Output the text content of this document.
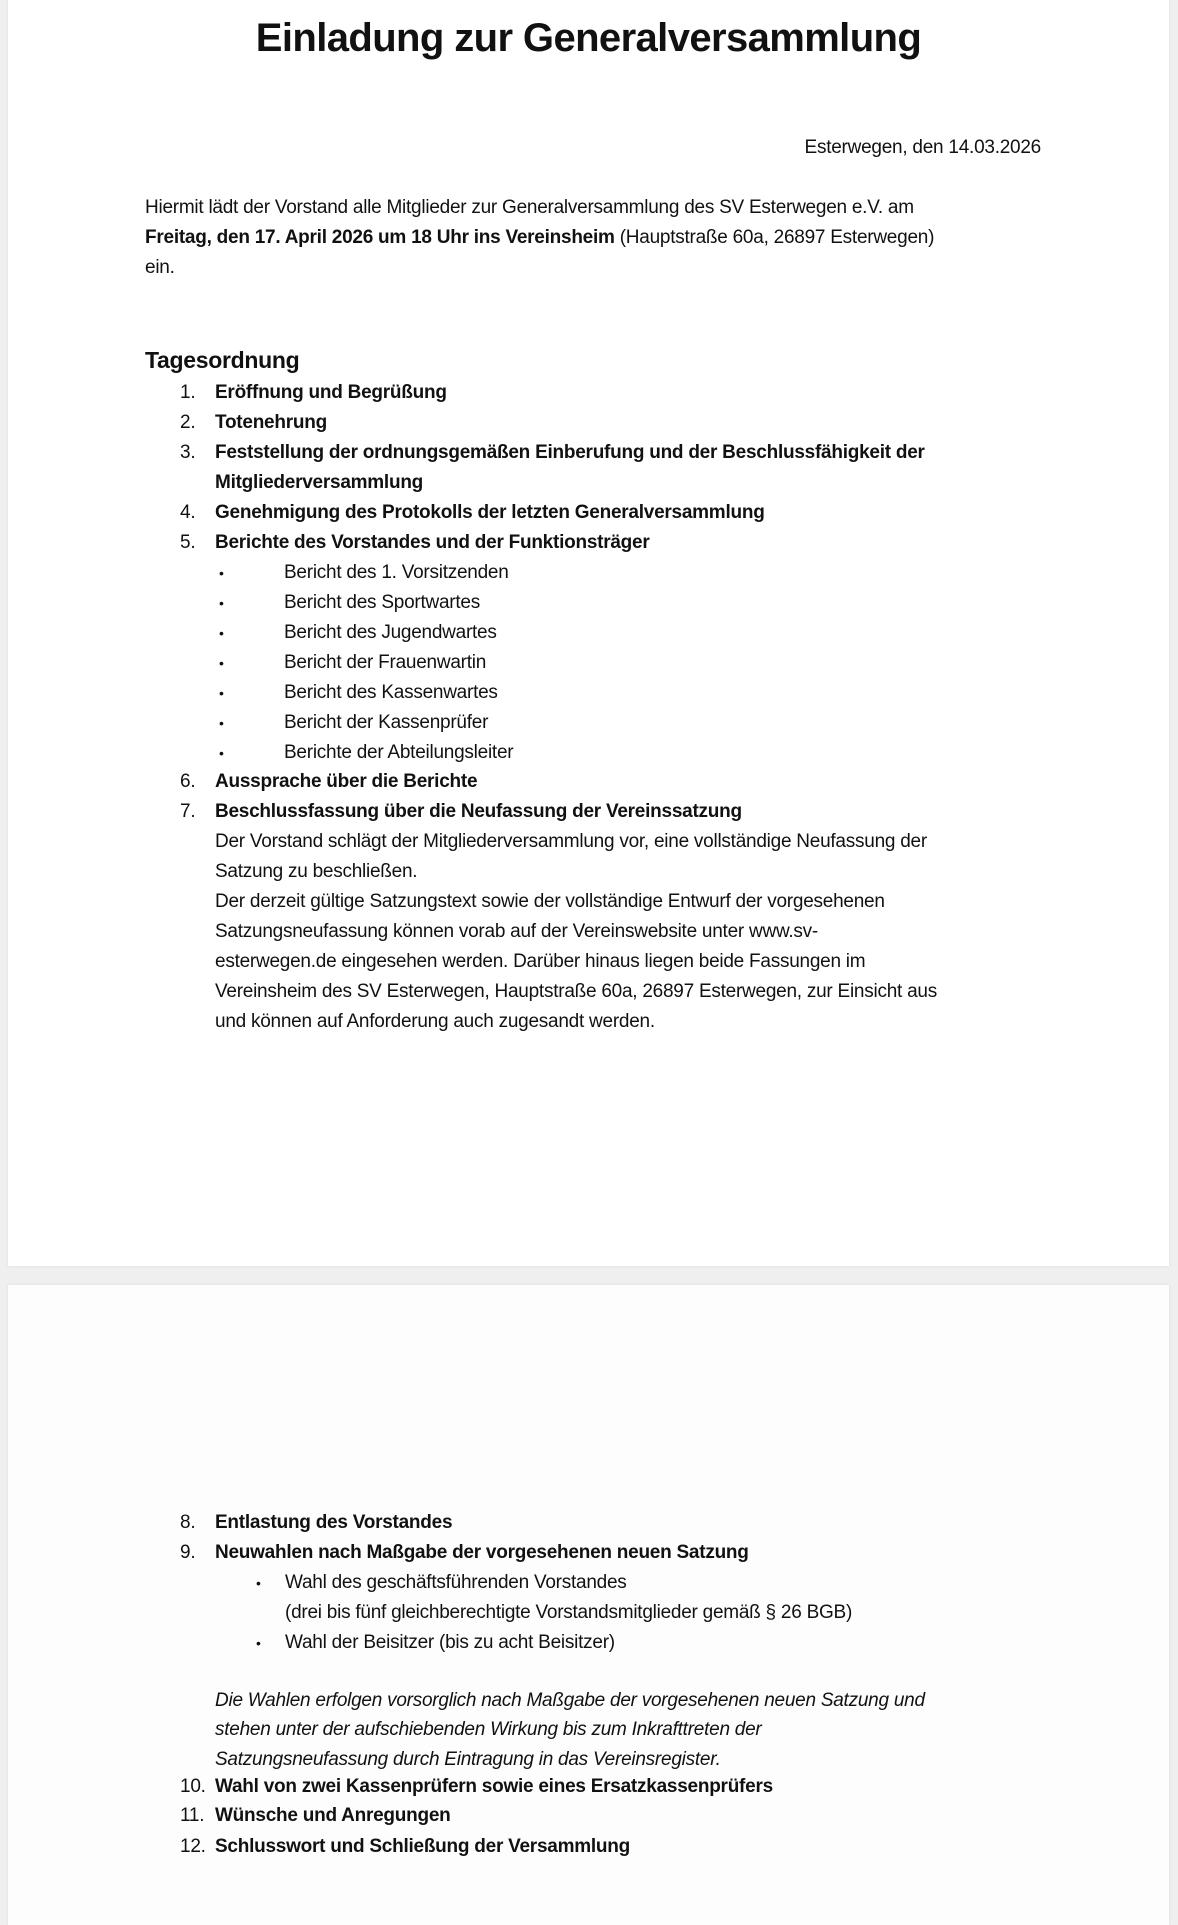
Einladung zur Generalversammlung
Esterwegen, den 14.03.2026
Hiermit lädt der Vorstand alle Mitglieder zur Generalversammlung des SV Esterwegen e.V. am
Freitag, den 17. April 2026 um 18 Uhr ins Vereinsheim (Hauptstraße 60a, 26897 Esterwegen)
ein.
Tagesordnung
1. Eröffnung und Begrüßung
2. Totenehrung
3. Feststellung der ordnungsgemäßen Einberufung und der Beschlussfähigkeit der
Mitgliederversammlung
4. Genehmigung des Protokolls der letzten Generalversammlung
5. Berichte des Vorstandes und der Funktionsträger
•	Bericht des 1. Vorsitzenden
•	Bericht des Sportwartes
•	Bericht des Jugendwartes
•	Bericht der Frauenwartin
•	Bericht des Kassenwartes
•	Bericht der Kassenprüfer
•	Berichte der Abteilungsleiter
6. Aussprache über die Berichte
7. Beschlussfassung über die Neufassung der Vereinssatzung
Der Vorstand schlägt der Mitgliederversammlung vor, eine vollständige Neufassung der
Satzung zu beschließen.
Der derzeit gültige Satzungstext sowie der vollständige Entwurf der vorgesehenen
Satzungsneufassung können vorab auf der Vereinswebsite unter www.sv-
esterwegen.de eingesehen werden. Darüber hinaus liegen beide Fassungen im
Vereinsheim des SV Esterwegen, Hauptstraße 60a, 26897 Esterwegen, zur Einsicht aus
und können auf Anforderung auch zugesandt werden.
8. Entlastung des Vorstandes
9. Neuwahlen nach Maßgabe der vorgesehenen neuen Satzung
• Wahl des geschäftsführenden Vorstandes
(drei bis fünf gleichberechtigte Vorstandsmitglieder gemäß § 26 BGB)
• Wahl der Beisitzer (bis zu acht Beisitzer)
Die Wahlen erfolgen vorsorglich nach Maßgabe der vorgesehenen neuen Satzung und
stehen unter der aufschiebenden Wirkung bis zum Inkrafttreten der
Satzungsneufassung durch Eintragung in das Vereinsregister.
10. Wahl von zwei Kassenprüfern sowie eines Ersatzkassenprüfers
11. Wünsche und Anregungen
12. Schlusswort und Schließung der Versammlung
